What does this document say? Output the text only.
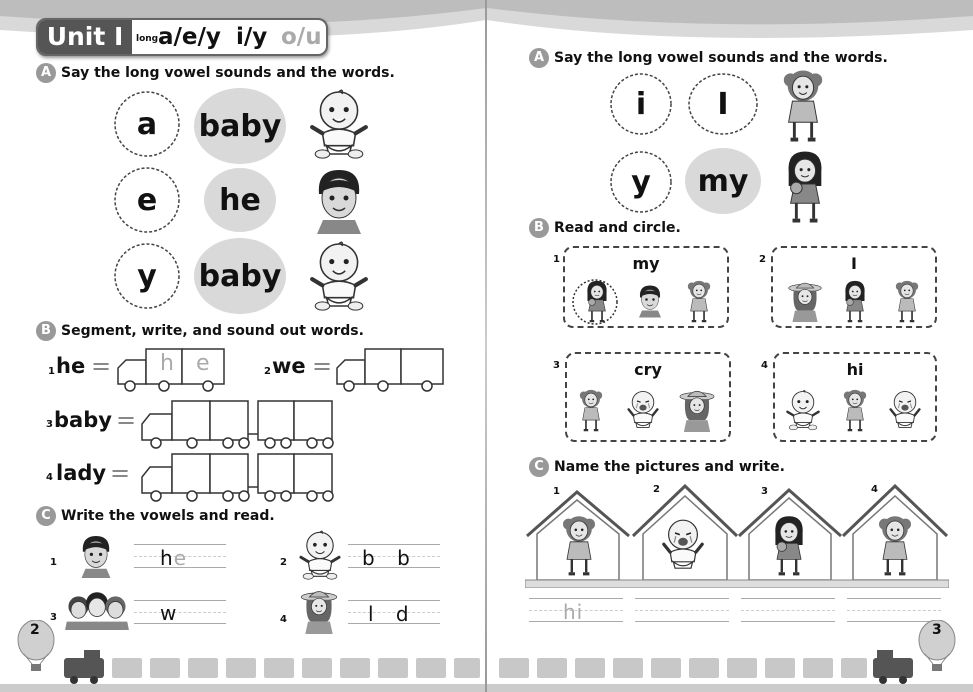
Unit I	long a/e/y i/y o/u
A Say the long vowel sounds and the words.
a baby
e he
y baby
B Segment, write, and sound out words.
1 he = h e	2 we =
3 baby =
4 lady =
C Write the vowels and read.
1	he	2	b b
3	w	4	l d
2
A Say the long vowel sounds and the words.
i I
y my
B Read and circle.
1	my	2	I
3	cry	4	hi
C Name the pictures and write.
1	2	3	4
hi
3
